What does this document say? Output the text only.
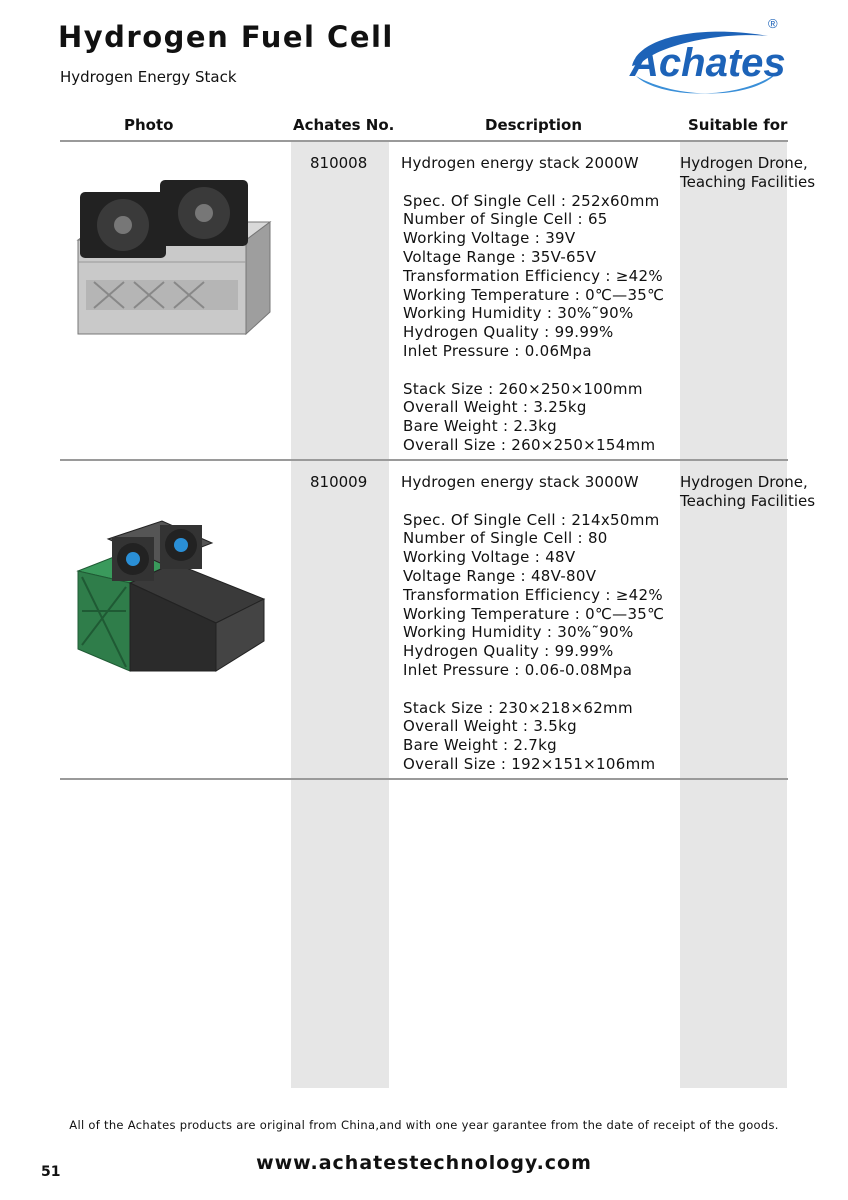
Hydrogen Fuel Cell

Hydrogen Energy Stack	Achates
®
Photo	Achates No.	Description	Suitable for
810008 Hydrogen energy stack 2000W
Spec. Of Single Cell : 252x60mm
Number of Single Cell : 65
Working Voltage : 39V
Voltage Range : 35V-65V
Transformation Efficiency : ≥42%
Working Temperature : 0℃—35℃
Working Humidity : 30%˜90%
Hydrogen Quality : 99.99%
Inlet Pressure : 0.06Mpa
Stack Size : 260×250×100mm
Overall Weight : 3.25kg
Bare Weight : 2.3kg
Overall Size : 260×250×154mm
Hydrogen Drone,
Teaching Facilities
810009 Hydrogen energy stack 3000W
Spec. Of Single Cell : 214x50mm
Number of Single Cell : 80
Working Voltage : 48V
Voltage Range : 48V-80V
Transformation Efficiency : ≥42%
Working Temperature : 0℃—35℃
Working Humidity : 30%˜90%
Hydrogen Quality : 99.99%
Inlet Pressure : 0.06-0.08Mpa
Stack Size : 230×218×62mm
Overall Weight : 3.5kg
Bare Weight : 2.7kg
Overall Size : 192×151×106mm
Hydrogen Drone,
Teaching Facilities
All of the Achates products are original from China,and with one year garantee from the date of receipt of the goods.
51	www.achatestechnology.com
